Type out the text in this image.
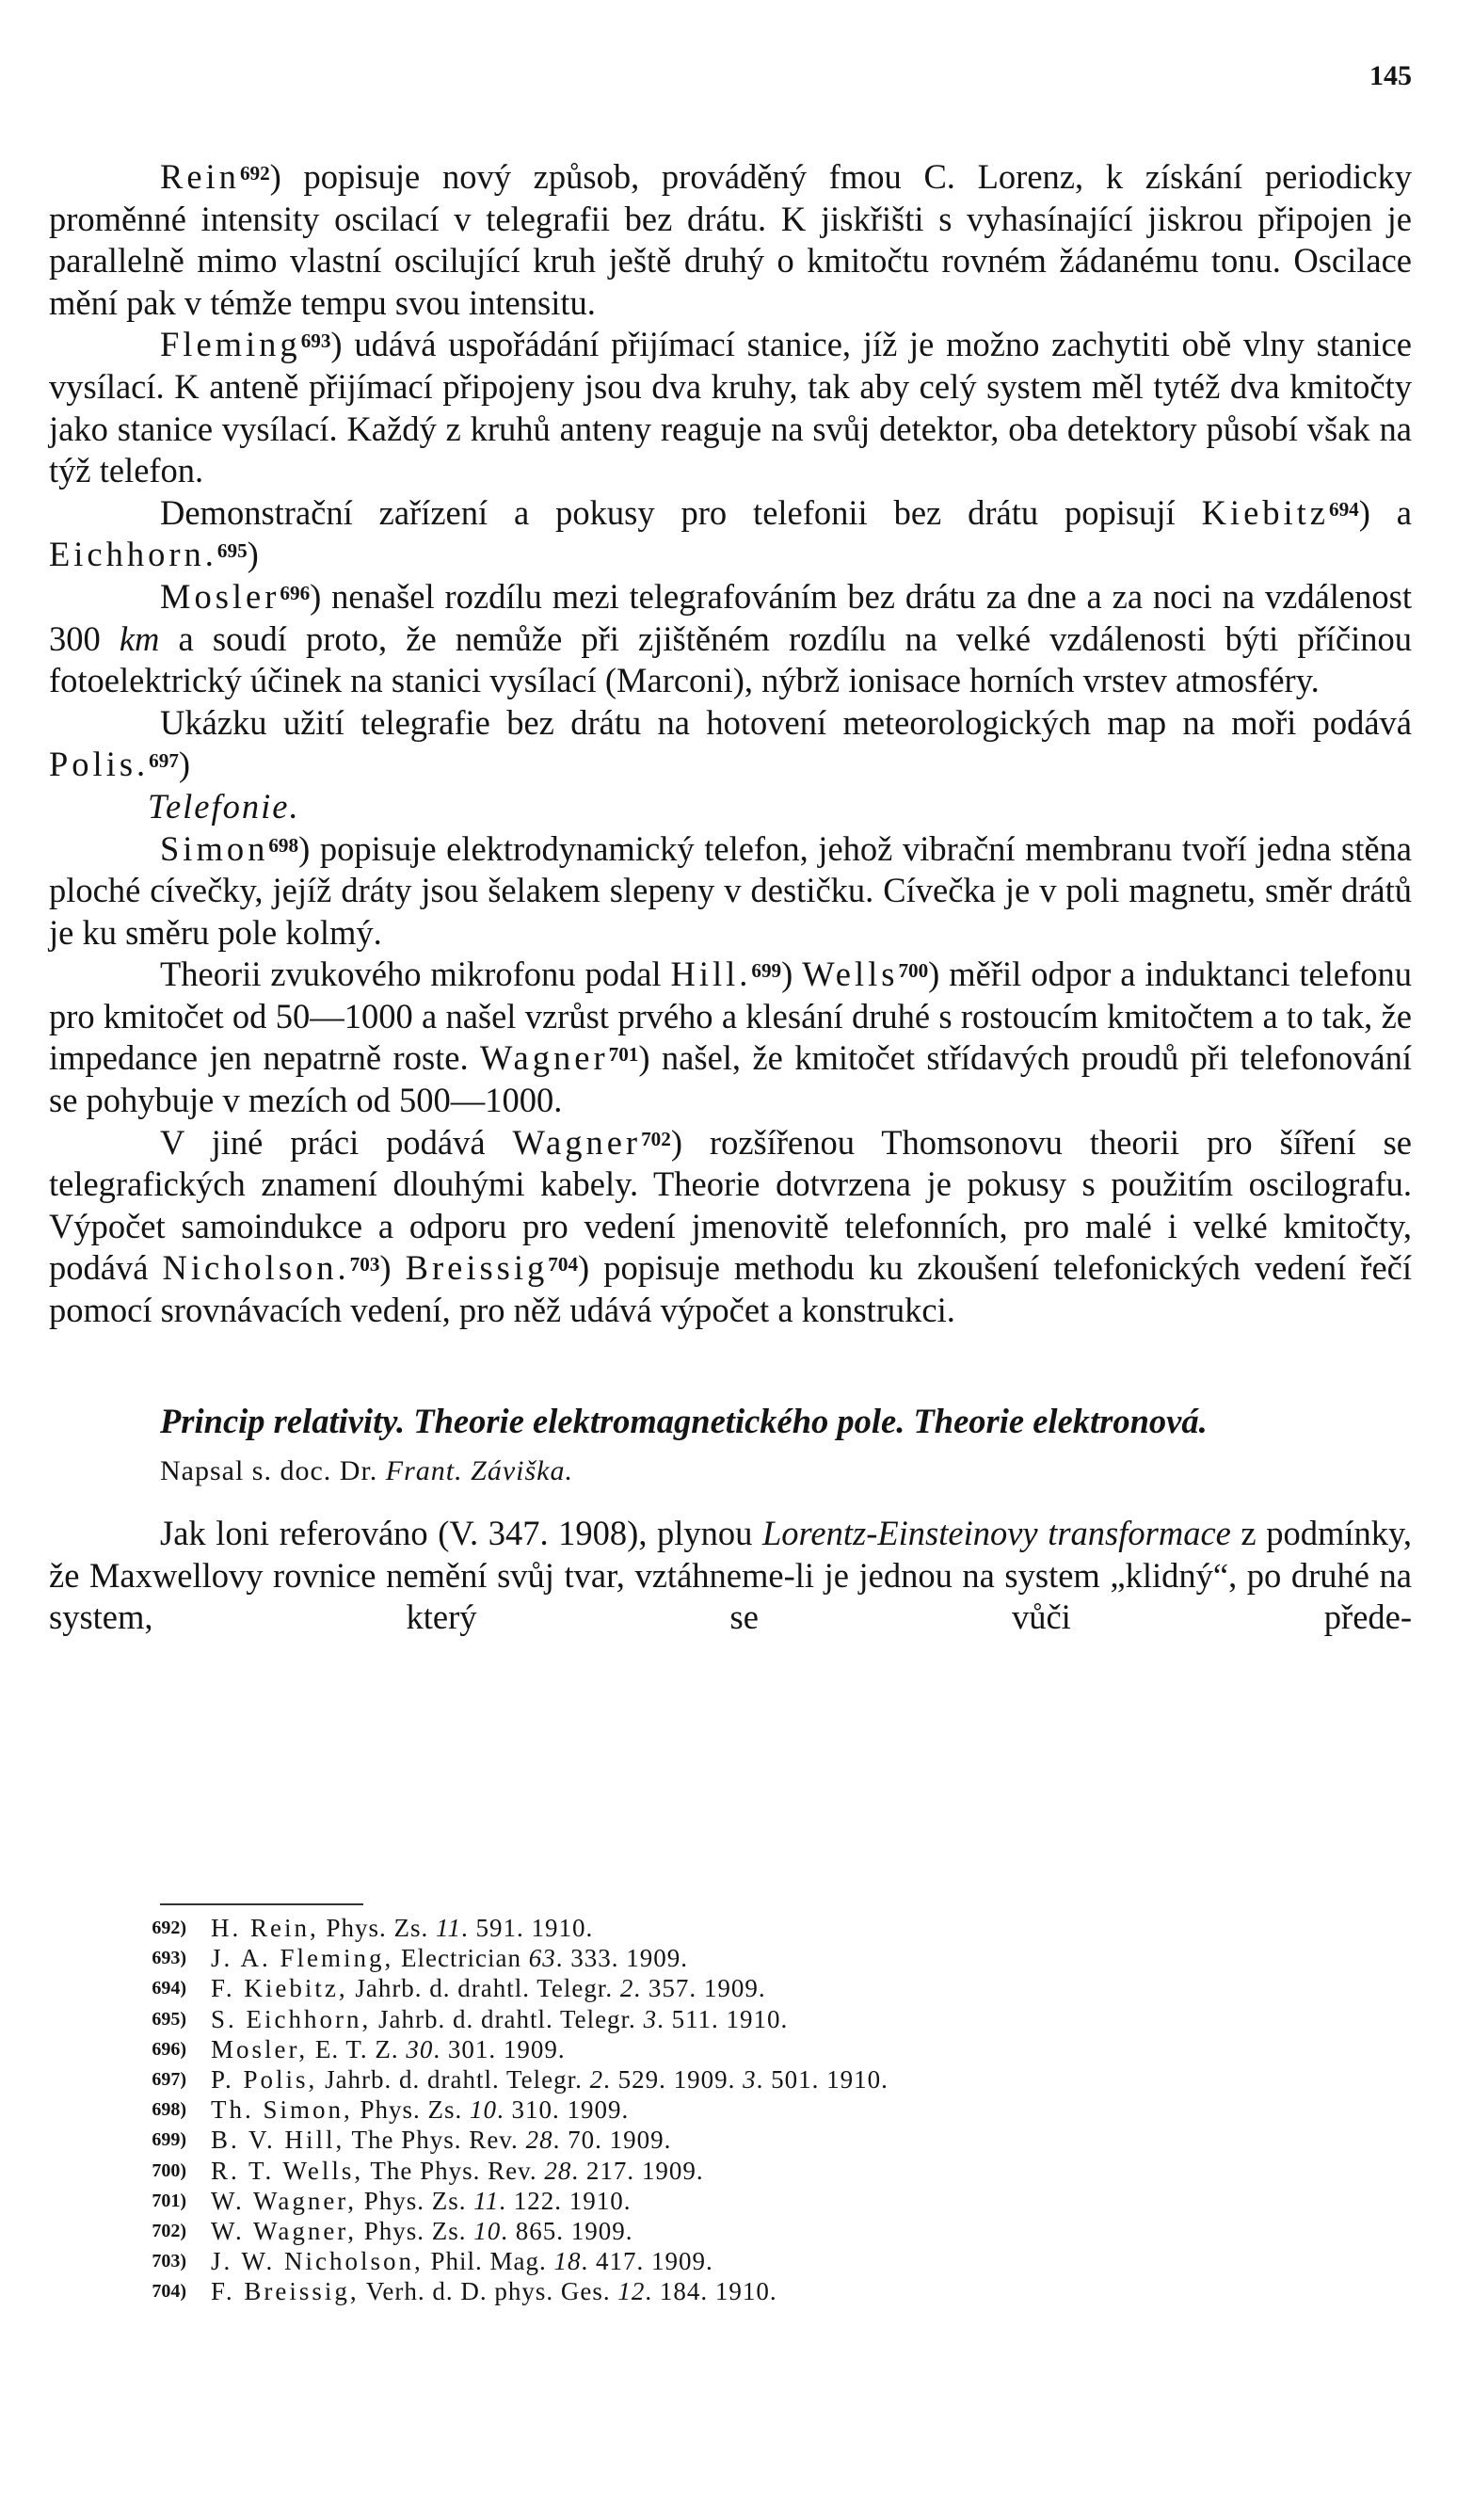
145

Rein$^{692}$) popisuje nový způsob, prováděný fmou C. Lorenz, k získání periodicky proměnné intensity oscilací v telegrafii bez drátu. K jiskřišti s vyhasínající jiskrou připojen je parallelně mimo vlastní oscilující kruh ještě druhý o kmitočtu rovném žádanému tonu. Oscilace mění pak v témže tempu svou intensitu.

Fleming$^{693}$) udává uspořádání přijímací stanice, jíž je možno zachytiti obě vlny stanice vysílací. K anteně přijímací připojeny jsou dva kruhy, tak aby celý system měl tytéž dva kmitočty jako stanice vysílací. Každý z kruhů anteny reaguje na svůj detektor, oba detektory působí však na týž telefon.

Demonstrační zařízení a pokusy pro telefonii bez drátu popisují Kiebitz$^{694}$) a Eichhorn.$^{695}$)

Mosler$^{696}$) nenašel rozdílu mezi telegrafováním bez drátu za dne a za noci na vzdálenost 300 km a soudí proto, že nemůže při zjištěném rozdílu na velké vzdálenosti býti příčinou fotoelektrický účinek na stanici vysílací (Marconi), nýbrž ionisace horních vrstev atmosféry.

Ukázku užití telegrafie bez drátu na hotovení meteorologických map na moři podává Polis.$^{697}$)

Telefonie.

Simon$^{698}$) popisuje elektrodynamický telefon, jehož vibrační membranu tvoří jedna stěna ploché cívečky, jejíž dráty jsou šelakem slepeny v destičku. Cívečka je v poli magnetu, směr drátů je ku směru pole kolmý.

Theorii zvukového mikrofonu podal Hill.$^{699}$) Wells$^{700}$) měřil odpor a induktanci telefonu pro kmitočet od 50—1000 a našel vzrůst prvého a klesání druhé s rostoucím kmitočtem a to tak, že impedance jen nepatrně roste. Wagner$^{701}$) našel, že kmitočet střídavých proudů při telefonování se pohybuje v mezích od 500—1000.

V jiné práci podává Wagner$^{702}$) rozšířenou Thomsonovu theorii pro šíření se telegrafických znamení dlouhými kabely. Theorie dotvrzena je pokusy s použitím oscilografu. Výpočet samoindukce a odporu pro vedení jmenovitě telefonních, pro malé i velké kmitočty, podává Nicholson.$^{703}$) Breissig$^{704}$) popisuje methodu ku zkoušení telefonických vedení řečí pomocí srovnávacích vedení, pro něž udává výpočet a konstrukci.

Princip relativity. Theorie elektromagnetického pole. Theorie elektronová.

Napsal s. doc. Dr. Frant. Záviška.

Jak loni referováno (V. 347. 1908), plynou Lorentz-Einsteinovy transformace z podmínky, že Maxwellovy rovnice nemění svůj tvar, vztáhneme-li je jednou na system „klidný“, po druhé na system, který se vůči přede-

$^{692)}$ H. Rein, Phys. Zs. 11. 591. 1910.
$^{693)}$ J. A. Fleming, Electrician 63. 333. 1909.
$^{694)}$ F. Kiebitz, Jahrb. d. drahtl. Telegr. 2. 357. 1909.
$^{695)}$ S. Eichhorn, Jahrb. d. drahtl. Telegr. 3. 511. 1910.
$^{696)}$ Mosler, E. T. Z. 30. 301. 1909.
$^{697)}$ P. Polis, Jahrb. d. drahtl. Telegr. 2. 529. 1909. 3. 501. 1910.
$^{698)}$ Th. Simon, Phys. Zs. 10. 310. 1909.
$^{699)}$ B. V. Hill, The Phys. Rev. 28. 70. 1909.
$^{700)}$ R. T. Wells, The Phys. Rev. 28. 217. 1909.
$^{701)}$ W. Wagner, Phys. Zs. 11. 122. 1910.
$^{702)}$ W. Wagner, Phys. Zs. 10. 865. 1909.
$^{703)}$ J. W. Nicholson, Phil. Mag. 18. 417. 1909.
$^{704)}$ F. Breissig, Verh. d. D. phys. Ges. 12. 184. 1910.
